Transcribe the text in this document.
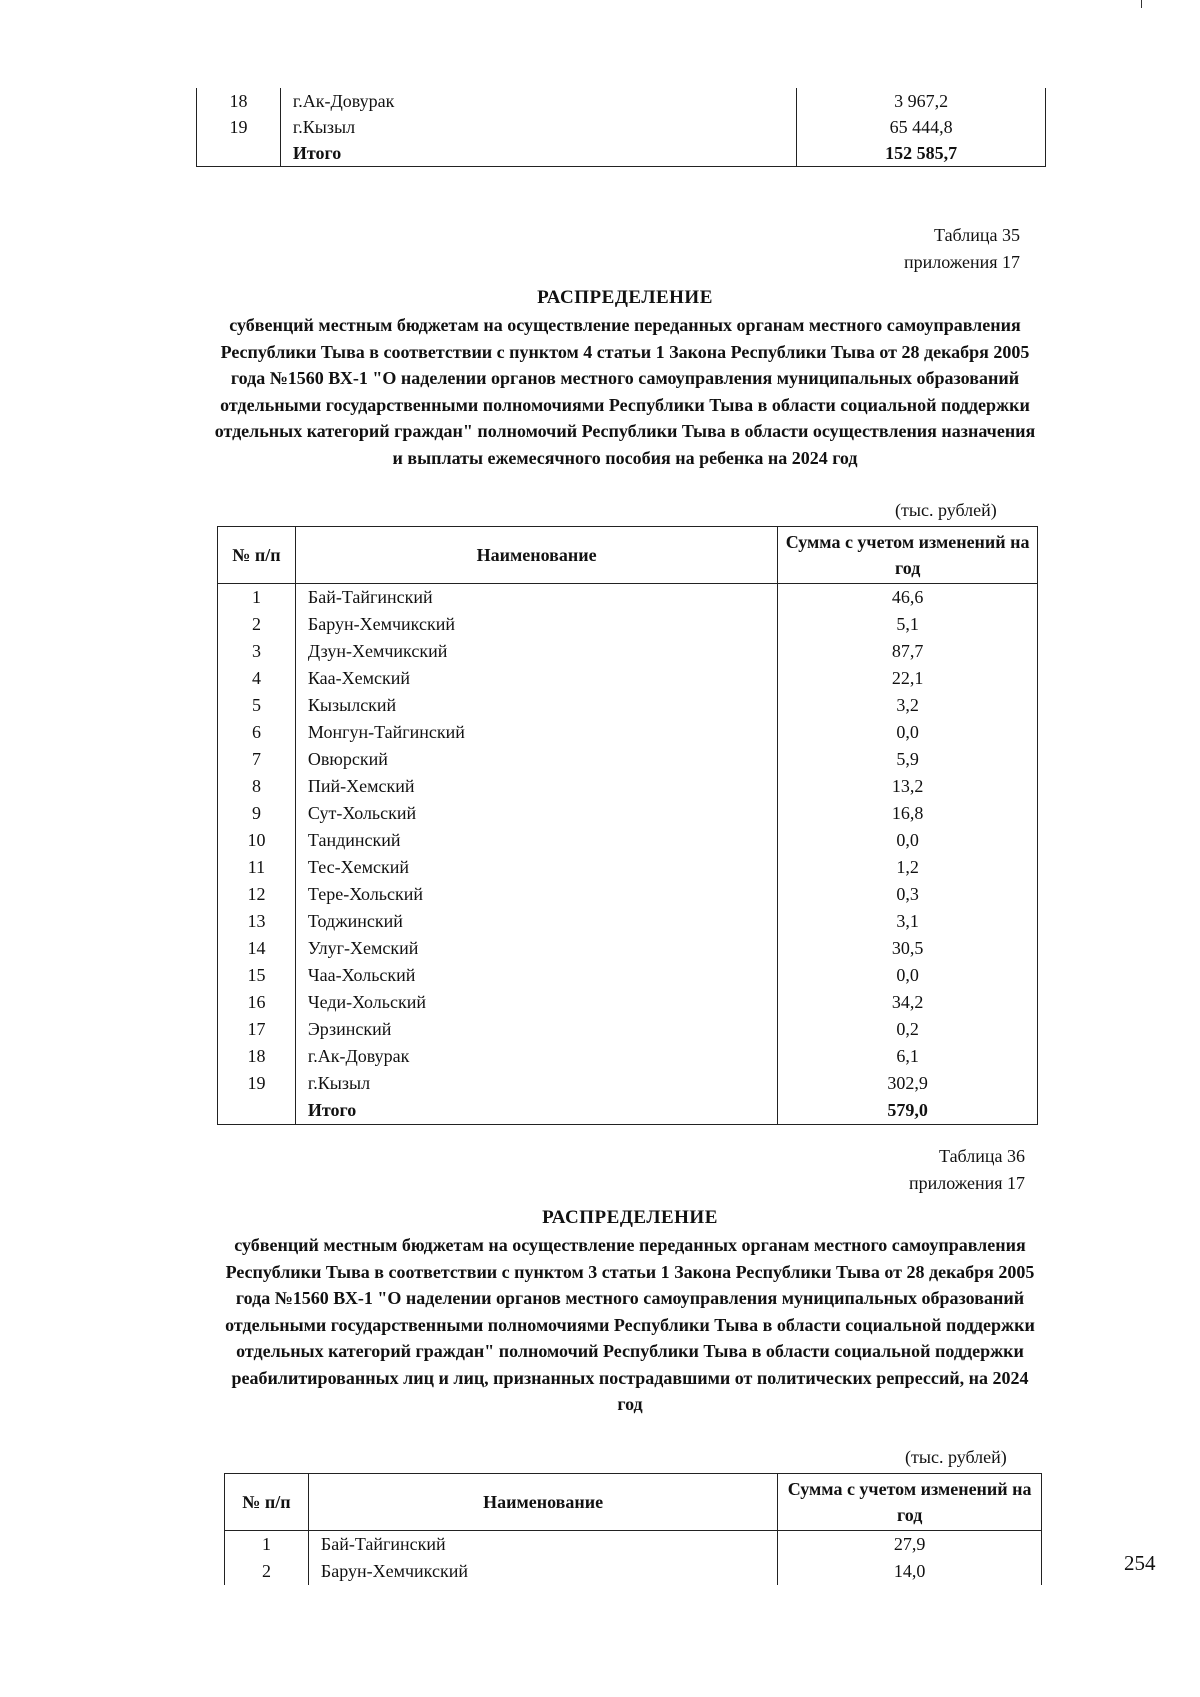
18	г.Ак-Довурак	3 967,2
19	г.Кызыл	65 444,8
	Итого	152 585,7
Таблица 35
приложения 17
РАСПРЕДЕЛЕНИЕ
субвенций местным бюджетам на осуществление переданных органам местного самоуправления Республики Тыва в соответствии с пунктом 4 статьи 1 Закона Республики Тыва от 28 декабря 2005 года №1560 ВХ-1 "О наделении органов местного самоуправления муниципальных образований отдельными государственными полномочиями Республики Тыва в области социальной поддержки отдельных категорий граждан" полномочий Республики Тыва в области осуществления назначения и выплаты ежемесячного пособия на ребенка на 2024 год
(тыс. рублей)
№ п/п	Наименование	Сумма с учетом изменений на год
1	Бай-Тайгинский	46,6
2	Барун-Хемчикский	5,1
3	Дзун-Хемчикский	87,7
4	Каа-Хемский	22,1
5	Кызылский	3,2
6	Монгун-Тайгинский	0,0
7	Овюрский	5,9
8	Пий-Хемский	13,2
9	Сут-Хольский	16,8
10	Тандинский	0,0
11	Тес-Хемский	1,2
12	Тере-Хольский	0,3
13	Тоджинский	3,1
14	Улуг-Хемский	30,5
15	Чаа-Хольский	0,0
16	Чеди-Хольский	34,2
17	Эрзинский	0,2
18	г.Ак-Довурак	6,1
19	г.Кызыл	302,9
	Итого	579,0
Таблица 36
приложения 17
РАСПРЕДЕЛЕНИЕ
субвенций местным бюджетам на осуществление переданных органам местного самоуправления Республики Тыва в соответствии с пунктом 3 статьи 1 Закона Республики Тыва от 28 декабря 2005 года №1560 ВХ-1 "О наделении органов местного самоуправления муниципальных образований отдельными государственными полномочиями Республики Тыва в области социальной поддержки отдельных категорий граждан" полномочий Республики Тыва в области социальной поддержки реабилитированных лиц и лиц, признанных пострадавшими от политических репрессий, на 2024 год
(тыс. рублей)
№ п/п	Наименование	Сумма с учетом изменений на год
1	Бай-Тайгинский	27,9
2	Барун-Хемчикский	14,0	254
